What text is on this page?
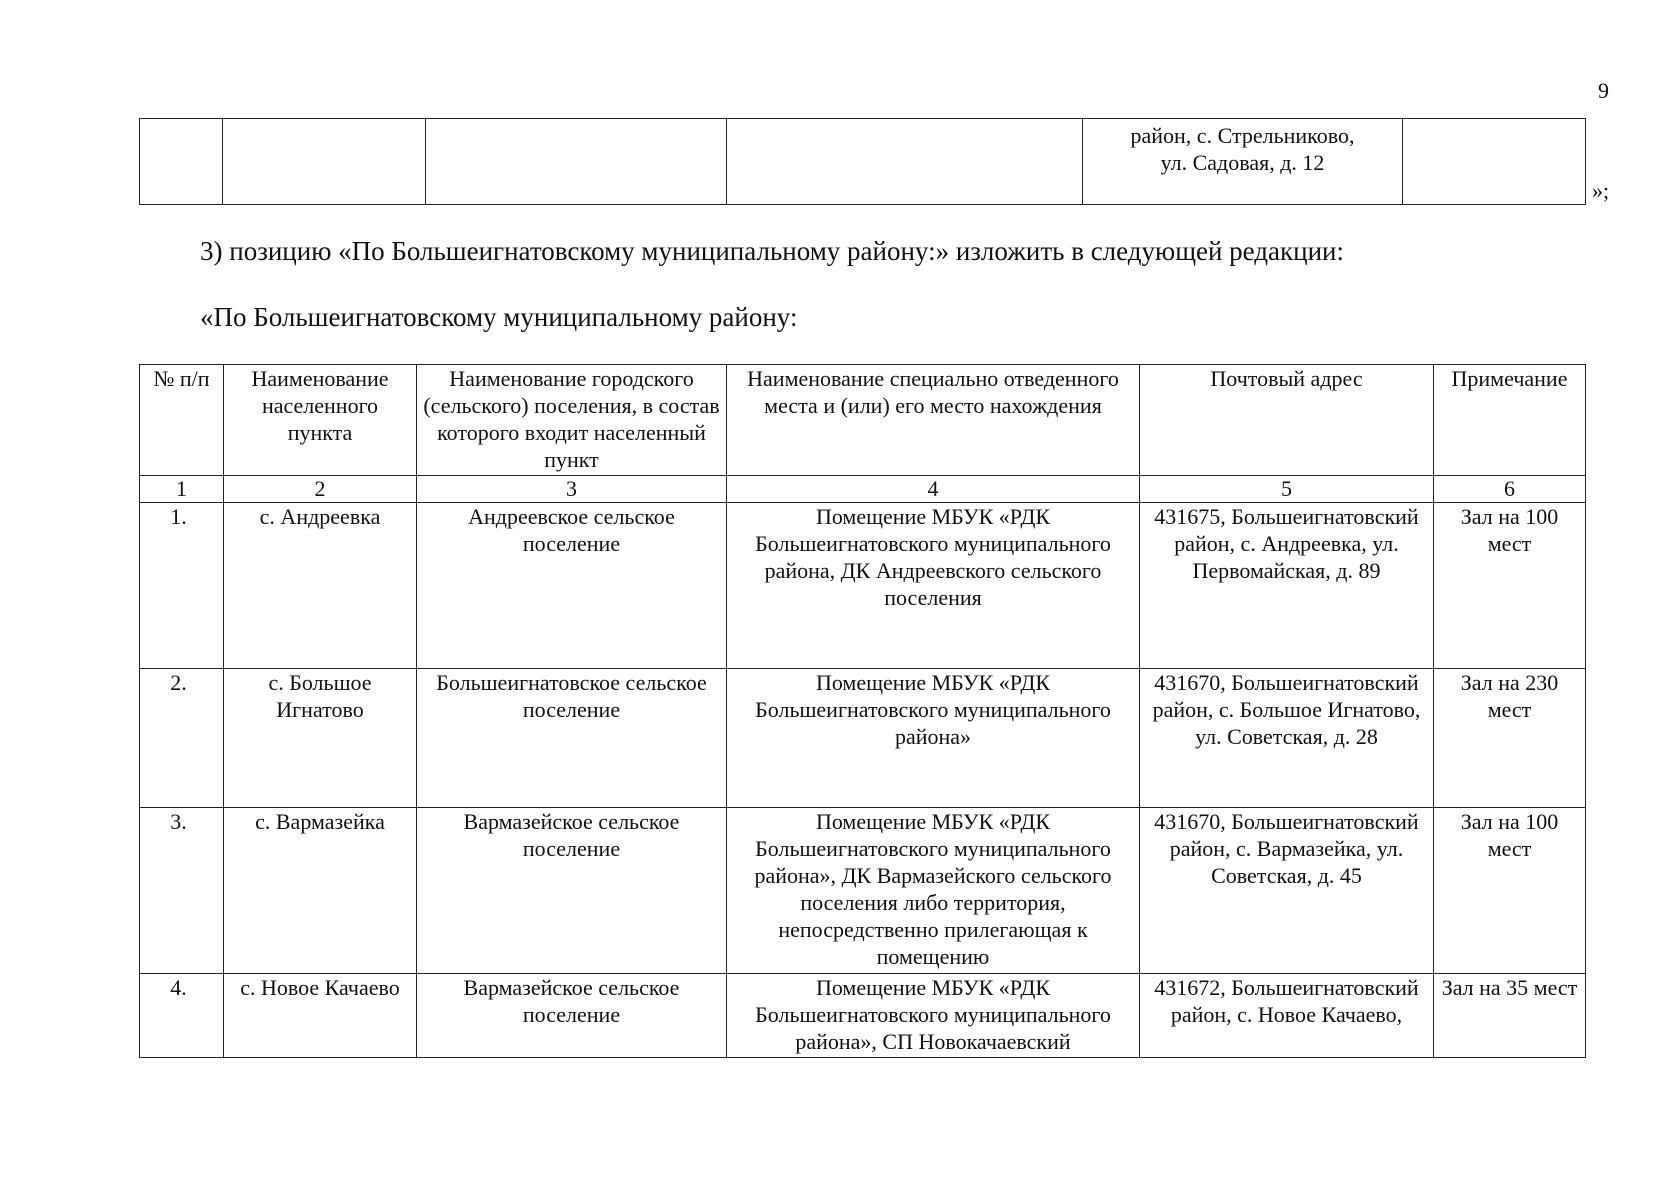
9
				район, с. Стрельниково,
ул. Садовая, д. 12	
»;
3) позицию «По Большеигнатовскому муниципальному району:» изложить в следующей редакции:
«По Большеигнатовскому муниципальному району:
№ п/п	Наименование населенного пункта	Наименование городского (сельского) поселения, в состав которого входит населенный пункт	Наименование специально отведенного места и (или) его место нахождения	Почтовый адрес	Примечание
1	2	3	4	5	6
1.	с. Андреевка	Андреевское сельское поселение	Помещение МБУК «РДК Большеигнатовского муниципального района, ДК Андреевского сельского поселения	431675, Большеигнатовский район, с. Андреевка, ул. Первомайская, д. 89	Зал на 100 мест
2.	с. Большое Игнатово	Большеигнатовское сельское поселение	Помещение МБУК «РДК Большеигнатовского муниципального района»	431670, Большеигнатовский район, с. Большое Игнатово, ул. Советская, д. 28	Зал на 230 мест
3.	с. Вармазейка	Вармазейское сельское поселение	Помещение МБУК «РДК Большеигнатовского муниципального района», ДК Вармазейского сельского поселения либо территория, непосредственно прилегающая к помещению	431670, Большеигнатовский район, с. Вармазейка, ул. Советская, д. 45	Зал на 100 мест
4.	с. Новое Качаево	Вармазейское сельское поселение	Помещение МБУК «РДК Большеигнатовского муниципального района», СП Новокачаевский	431672, Большеигнатовский район, с. Новое Качаево,	Зал на 35 мест
